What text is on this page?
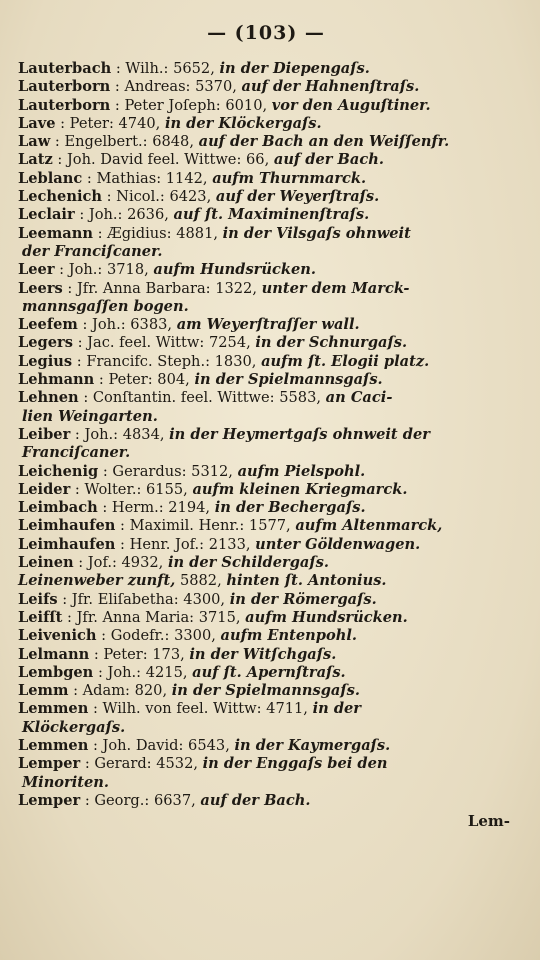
— (103) —

Lauterbach : Wilh.: 5652, in der Diepengaſs.

Lauterborn : Andreas: 5370, auf der Hahnenſtraſs.

Lauterborn : Peter Joſeph: 6010, vor den Auguſtiner.

Lave : Peter: 4740, in der Klöckergaſs.

Law : Engelbert.: 6848, auf der Bach an den Weiſſenfr.

Latz : Joh. David feel. Wittwe: 66, auf der Bach.

Leblanc : Mathias: 1142, aufm Thurnmarck.

Lechenich : Nicol.: 6423, auf der Weyerſtraſs.

Leclair : Joh.: 2636, auf ſt. Maximinenſtraſs.

Leemann : Ægidius: 4881, in der Vilsgaſs ohnweit

der Franciſcaner.

Leer : Joh.: 3718, aufm Hundsrücken.

Leers : Jfr. Anna Barbara: 1322, unter dem Marck-

mannsgaſſen bogen.

Leefem : Joh.: 6383, am Weyerſtraſſer wall.

Legers : Jac. feel. Wittw: 7254, in der Schnurgaſs.

Legius : Francifc. Steph.: 1830, aufm ſt. Elogii platz.

Lehmann : Peter: 804, in der Spielmannsgaſs.

Lehnen : Conſtantin. feel. Wittwe: 5583, an Caci-

lien Weingarten.

Leiber : Joh.: 4834, in der Heymertgaſs ohnweit der

Franciſcaner.

Leichenig : Gerardus: 5312, aufm Pielspohl.

Leider : Wolter.: 6155, aufm kleinen Kriegmarck.

Leimbach : Herm.: 2194, in der Bechergaſs.

Leimhaufen : Maximil. Henr.: 1577, aufm Altenmarck,

Leimhaufen : Henr. Jof.: 2133, unter Göldenwagen.

Leinen : Jof.: 4932, in der Schildergaſs.

Leinenweber zunft, 5882, hinten ſt. Antonius.

Leifs : Jfr. Eliſabetha: 4300, in der Römergaſs.

Leifſt : Jfr. Anna Maria: 3715, aufm Hundsrücken.

Leivenich : Godefr.: 3300, aufm Entenpohl.

Lelmann : Peter: 173, in der Witſchgaſs.

Lembgen : Joh.: 4215, auf ſt. Apernſtraſs.

Lemm : Adam: 820, in der Spielmannsgaſs.

Lemmen : Wilh. von feel. Wittw: 4711, in der

Klöckergaſs.

Lemmen : Joh. David: 6543, in der Kaymergaſs.

Lemper : Gerard: 4532, in der Enggaſs bei den

Minoriten.

Lemper : Georg.: 6637, auf der Bach.

Lem-
